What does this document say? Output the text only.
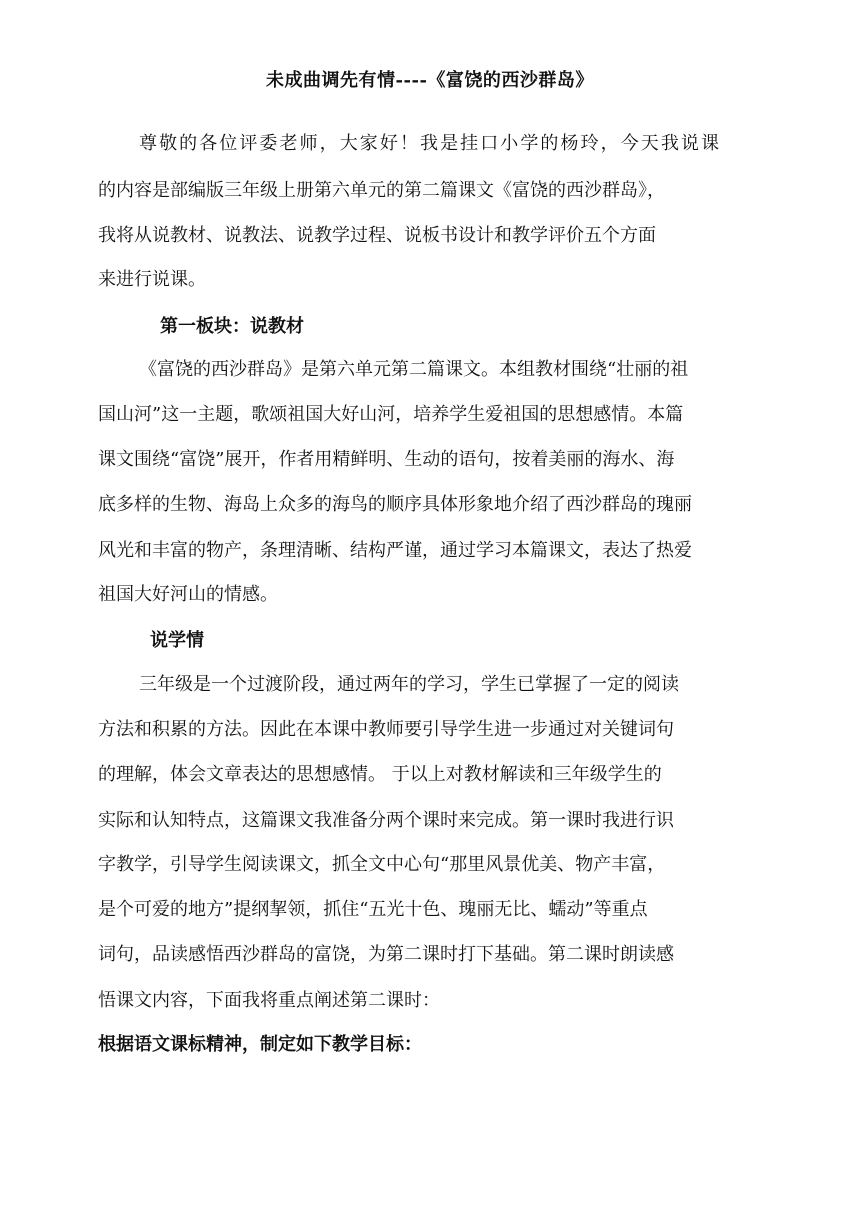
未成曲调先有情----《富饶的西沙群岛》
尊敬的各位评委老师，大家好！我是挂口小学的杨玲，今天我说课
的内容是部编版三年级上册第六单元的第二篇课文《富饶的西沙群岛》，
我将从说教材、说教法、说教学过程、说板书设计和教学评价五个方面
来进行说课。
第一板块：说教材
《富饶的西沙群岛》是第六单元第二篇课文。本组教材围绕“壮丽的祖
国山河”这一主题，歌颂祖国大好山河，培养学生爱祖国的思想感情。本篇
课文围绕“富饶”展开，作者用精鲜明、生动的语句，按着美丽的海水、海
底多样的生物、海岛上众多的海鸟的顺序具体形象地介绍了西沙群岛的瑰丽
风光和丰富的物产，条理清晰、结构严谨，通过学习本篇课文，表达了热爱
祖国大好河山的情感。
说学情
三年级是一个过渡阶段，通过两年的学习，学生已掌握了一定的阅读
方法和积累的方法。因此在本课中教师要引导学生进一步通过对关键词句
的理解，体会文章表达的思想感情。 于以上对教材解读和三年级学生的
实际和认知特点，这篇课文我准备分两个课时来完成。第一课时我进行识
字教学，引导学生阅读课文，抓全文中心句“那里风景优美、物产丰富，
是个可爱的地方”提纲挈领，抓住“五光十色、瑰丽无比、蠕动”等重点
词句，品读感悟西沙群岛的富饶，为第二课时打下基础。第二课时朗读感
悟课文内容，下面我将重点阐述第二课时：
根据语文课标精神，制定如下教学目标：
